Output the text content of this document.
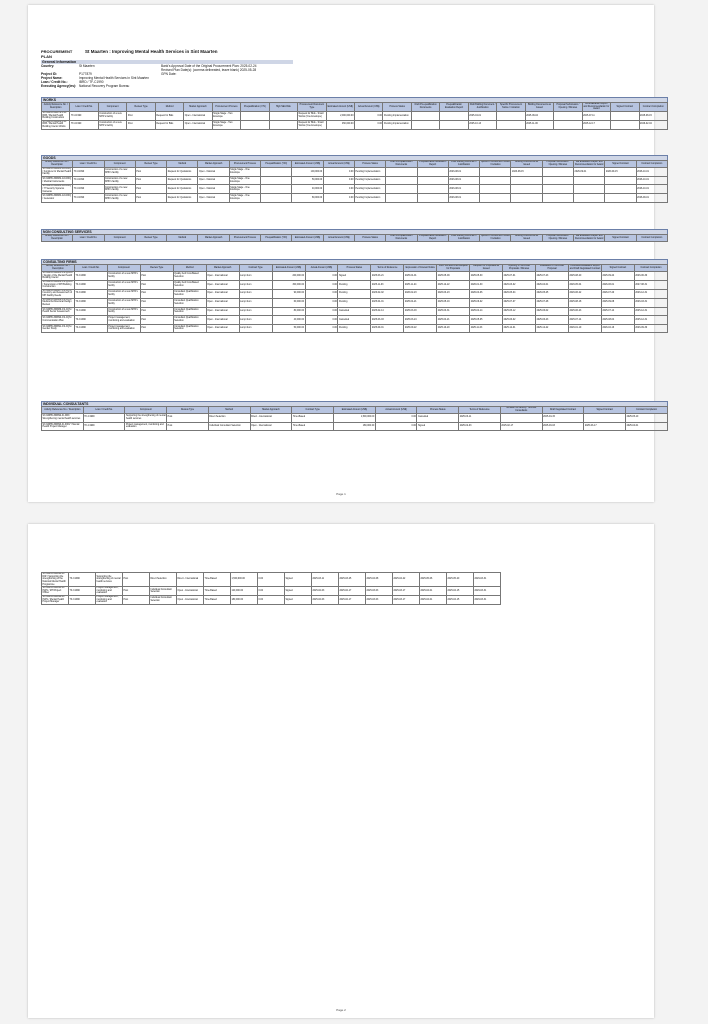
PROCUREMENT PLAN
St Maarten : Improving Mental Health Services in Sint Maarten
General Information
Country:	St Maarten	Bank's Approval Date of the Original Procurement Plan: 2025-02-24
Revised Plan Date(s): (comma delineated, leave blank) 2025-05-28
Project ID:	P177879	GPN Date:
Project Name:	Improving Mental Health Services in Sint Maarten
Loan / Credit No.:	IBRD / TF-C1990
Executing Agency(ies): National Recovery Program Bureau
WORKS
Activity Reference No. / Description	Loan / Credit No.	Component	Review Type	Method	Market Approach	Procurement Process	Prequalification (Y/N)	High SEA Risk	Procurement Document Type	Estimated Amount (US$)	Actual Amount (US$)	Process Status	Draft Pre-qualification Documents	Prequalification Evaluation Report	Draft Bidding Document / Justification	Specific Procurement Notice / Invitation	Bidding Documents as Issued	Proposal Submission / Opening / Minutes	Bid Evaluation Report and Recommendation for Award	Signed Contract	Contract Completion
SX-NRPB-369879-CW-RFB / Mental Health Building Construction	TF-C1990	Construction of a new MHF's facility	Post	Request for Bids	Open - International	Single Stage - Two Envelope			Request for Bids - Small Works (One Envelope)	2,000,000.00	0.00	Pending Implementation			2025-04-01		2025-06-04		2025-07-11		2025-08-15
SX-NRPB-369880-CW-RFB / Mental Health Building Interior Works	TF-C1990	Construction of a new MHF's facility	Post	Request for Bids	Open - International	Single Stage - Two Envelope			Request for Bids - Small Works (One Envelope)	450,000.00	0.00	Pending Implementation			2025-10-13		2025-11-06		2025-12-17		2026-02-04
GOODS
Activity Reference No. / Description	Loan / Credit No.	Component	Review Type	Method	Market Approach	Procurement Process	Prequalification (Y/N)	Estimated Amount (US$)	Actual Amount (US$)	Process Status	Draft Pre-qualification Documents	Prequalification Evaluation Report	Draft Bidding Document / Justification	Specific Procurement Notice / Invitation	Bidding Documents as Issued	Proposal Submission / Opening / Minutes	Bid Evaluation Report and Recommendation for Award	Signed Contract	Contract Completion
SX-NRPB-369881-GO-RFQ / Furniture for Mental Health Facility	TF-C1990	Construction of a new MHF's facility	Post	Request for Quotations	Open - National	Single Stage - One Envelope		100,000.00	0.00	Pending Implementation			2026-08-01		2026-08-15		2026-09-01	2026-09-15	2026-10-01
SX-NRPB-369882-GO-RFQ / Medical Instruments	TF-C1990	Construction of a new MHF's facility	Post	Request for Quotations	Open - National	Single Stage - One Envelope		50,000.00	0.00	Pending Implementation			2026-08-01						2026-10-01
SX-NRPB-369883-GO-RFQ / IT Security Systems Cameras	TF-C1990	Construction of a new MHF's facility	Post	Request for Quotations	Open - National	Single Stage - One Envelope		40,000.00	0.00	Pending Implementation			2026-08-01						2026-10-01
SX-NRPB-369884-GO-RFQ / Generator	TF-C1990	Construction of a new MHF's facility	Post	Request for Quotations	Open - National	Single Stage - One Envelope		80,000.00	0.00	Pending Implementation			2026-08-01						2026-09-01
NON CONSULTING SERVICES
Activity Reference No. / Description	Loan / Credit No.	Component	Review Type	Method	Market Approach	Procurement Process	Prequalification (Y/N)	Estimated Amount (US$)	Actual Amount (US$)	Process Status	Draft Pre-qualification Documents	Prequalification Evaluation Report	Draft Bidding Document / Justification	Specific Procurement Notice / Invitation	Bidding Documents as Issued	Proposal Submission / Opening / Minutes	Bid Evaluation Report and Recommendation for Award	Signed Contract	Contract Completion
CONSULTING FIRMS
Activity Reference No. / Description	Loan / Credit No.	Component	Review Type	Method	Market Approach	Contract Type	Estimated Amount (US$)	Actual Amount (US$)	Process Status	Terms of Reference	Expression of Interest Notice	Short List and Draft Request for Proposals	Request for Proposals as Issued	Opening of Technical Proposals / Minutes	Evaluation of Technical Proposal	Combined Evaluation Report and Draft Negotiated Contract	Signed Contract	Contract Completion
SX-NRPB-369885-CS-QCBS / Design of the Mental Health Building Interior	TF-C1990	Construction of a new MHF's facility	Post	Quality And Cost-Based Selection	Open - International	Lump-Sum	200,000.00	0.00	Signed	2025-03-21	2025-04-01	2025-05-09	2025-05-30	2025-07-01	2025-07-23	2025-08-20	2025-09-24	2026-06-30
SX-NRPB-369886-CS-QCBS / Supervision of MH Building Construction	TF-C1990	Construction of a new MHF's facility	Post	Quality And Cost-Based Selection	Open - International	Lump-Sum	300,000.00	0.00	Pending	2025-11-03	2025-11-24	2025-12-22	2026-01-30	2026-03-02	2026-04-01	2026-05-04	2026-06-01	2027-08-31
SX-NRPB-369887-CS-CQS / Inventory and Assessment of MH Facility Needs	TF-C1990	Construction of a new MHF's facility	Post	Consultant Qualification Selection	Open - International	Lump-Sum	90,000.00	0.00	Pending	2026-02-02	2026-02-23	2026-03-23	2026-04-06	2026-05-04	2026-05-25	2026-06-22	2026-07-20	2026-12-31
SX-NRPB-369888-CS-CQS / Medical Architectural Design Review	TF-C1990	Construction of a new MHF's facility	Post	Consultant Qualification Selection	Open - International	Lump-Sum	60,000.00	0.00	Pending	2025-04-01	2025-04-21	2025-05-19	2025-06-02	2025-07-07	2025-07-28	2025-08-18	2025-09-08	2026-03-31
SX-NRPB-369889-CS-CQS / Health Sector Assessment	TF-C1990	Construction of a new MHF's facility	Post	Consultant Qualification Selection	Open - International	Lump-Sum	80,000.00	0.00	Cancelled	2025-02-14	2025-03-03	2025-03-31	2025-04-14	2025-05-12	2025-06-02	2025-06-23	2025-07-14	2025-12-31
SX-NRPB-369890-CS-CQS / Communication Plan	TF-C1990	Project management, monitoring and evaluation	Post	Consultant Qualification Selection	Open - International	Lump-Sum	40,000.00	0.00	Cancelled	2025-03-03	2025-03-24	2025-04-21	2025-05-05	2025-06-02	2025-06-23	2025-07-14	2025-08-04	2025-12-31
SX-NRPB-369891-CS-CQS / Gender Study	TF-C1990	Project management, monitoring and evaluation	Post	Consultant Qualification Selection	Open - International	Lump-Sum	50,000.00	0.00	Pending	2025-09-01	2025-09-22	2025-10-20	2025-11-03	2025-12-01	2025-12-22	2026-01-19	2026-02-16	2026-09-30
INDIVIDUAL CONSULTANTS
Activity Reference No. / Description	Loan / Credit No.	Component	Review Type	Method	Market Approach	Contract Type	Estimated Amount (US$)	Actual Amount (US$)	Process Status	Terms of Reference	Invitation to Identify / Shortlist Consultants	Draft Negotiated Contract	Signed Contract	Contract Completion
SX-NRPB-369892-IC-DIR / Strengthening mental health services	TF-C1990	Supporting the strengthening of mental health services	Post	Direct Selection	Direct - International	Time-Based	1,500,000.00	0.00	Cancelled	2025-03-11		2025-04-15		2025-05-10
SX-NRPB-369893-IC-INDV / Mental Health Project Manager	TF-C1990	Project management, monitoring and evaluation	Post	Individual Consultant Selection	Open - International	Time-Based	180,000.00	0.00	Signed	2025-02-03	2025-02-17	2025-03-03	2025-03-17	2025-04-01
Page 1
SX-NRPB-369894-IC-DIR / Supporting the strengthening of the National Mental Health Programme	TF-C1990	Supporting the strengthening of mental health services	Post	Direct Selection	Direct - International	Time-Based	1,500,000.00	0.00	Signed	2025-03-11	2025-03-25	2025-04-08	2025-04-22	2025-05-06	2025-05-20	2029-03-31
SX-NRPB-369895-IC-INDV / MH Project Officer	TF-C1990	Project management, monitoring and evaluation	Post	Individual Consultant Selection	Open - International	Time-Based	120,000.00	0.00	Signed	2025-02-03	2025-02-17	2025-03-03	2025-03-17	2025-04-01	2025-04-15	2029-03-31
SX-NRPB-369896-IC-INDV / Mental Health Project Manager	TF-C1990	Project management, monitoring and evaluation	Post	Individual Consultant Selection	Open - International	Time-Based	180,000.00	0.00	Signed	2025-02-03	2025-02-17	2025-03-03	2025-03-17	2025-04-01	2025-04-15	2029-03-31
Page 2
